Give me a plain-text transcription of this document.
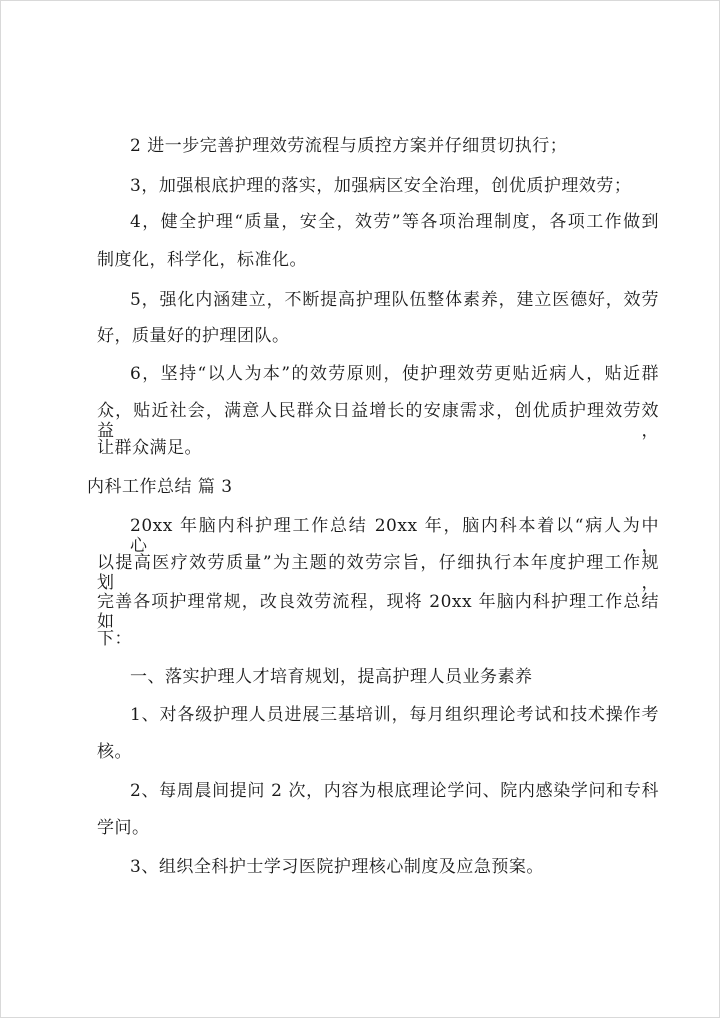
2 进一步完善护理效劳流程与质控方案并仔细贯切执行；
3，加强根底护理的落实，加强病区安全治理，创优质护理效劳；
4，健全护理“质量，安全，效劳”等各项治理制度，各项工作做到
制度化，科学化，标准化。
5，强化内涵建立，不断提高护理队伍整体素养，建立医德好，效劳
好，质量好的护理团队。
6，坚持“以人为本”的效劳原则，使护理效劳更贴近病人，贴近群
众，贴近社会，满意人民群众日益增长的安康需求，创优质护理效劳效益，
让群众满足。
内科工作总结 篇 3
20xx 年脑内科护理工作总结 20xx 年，脑内科本着以“病人为中心，
以提高医疗效劳质量”为主题的效劳宗旨，仔细执行本年度护理工作规划，
完善各项护理常规，改良效劳流程，现将 20xx 年脑内科护理工作总结如
下：
一、落实护理人才培育规划，提高护理人员业务素养
1、对各级护理人员进展三基培训，每月组织理论考试和技术操作考
核。
2、每周晨间提问 2 次，内容为根底理论学问、院内感染学问和专科
学问。
3、组织全科护士学习医院护理核心制度及应急预案。
